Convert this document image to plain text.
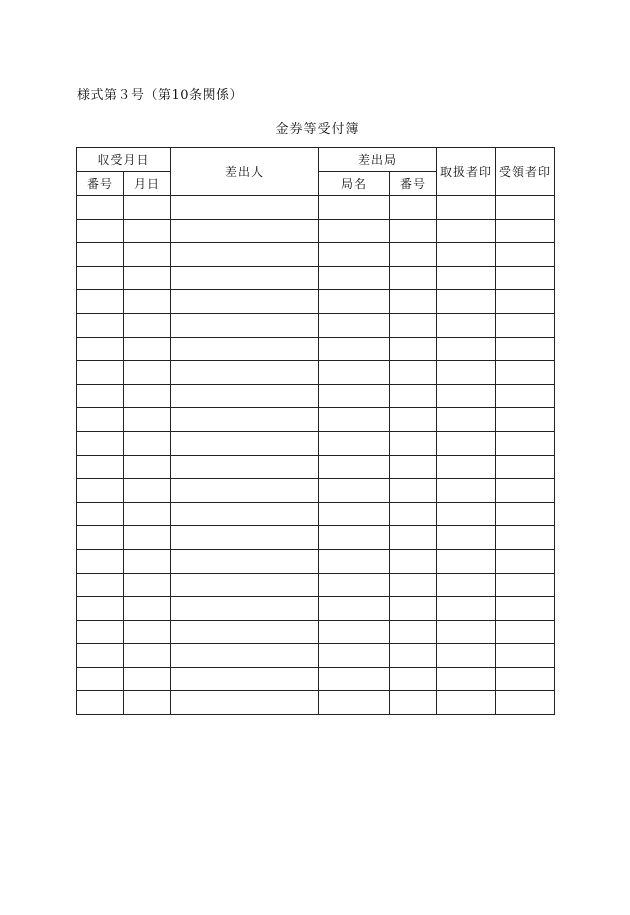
様式第３号（第10条関係）
金券等受付簿
収受月日		差出人	差出局		取扱者印	受領者印
番号	月日		局名	番号		
